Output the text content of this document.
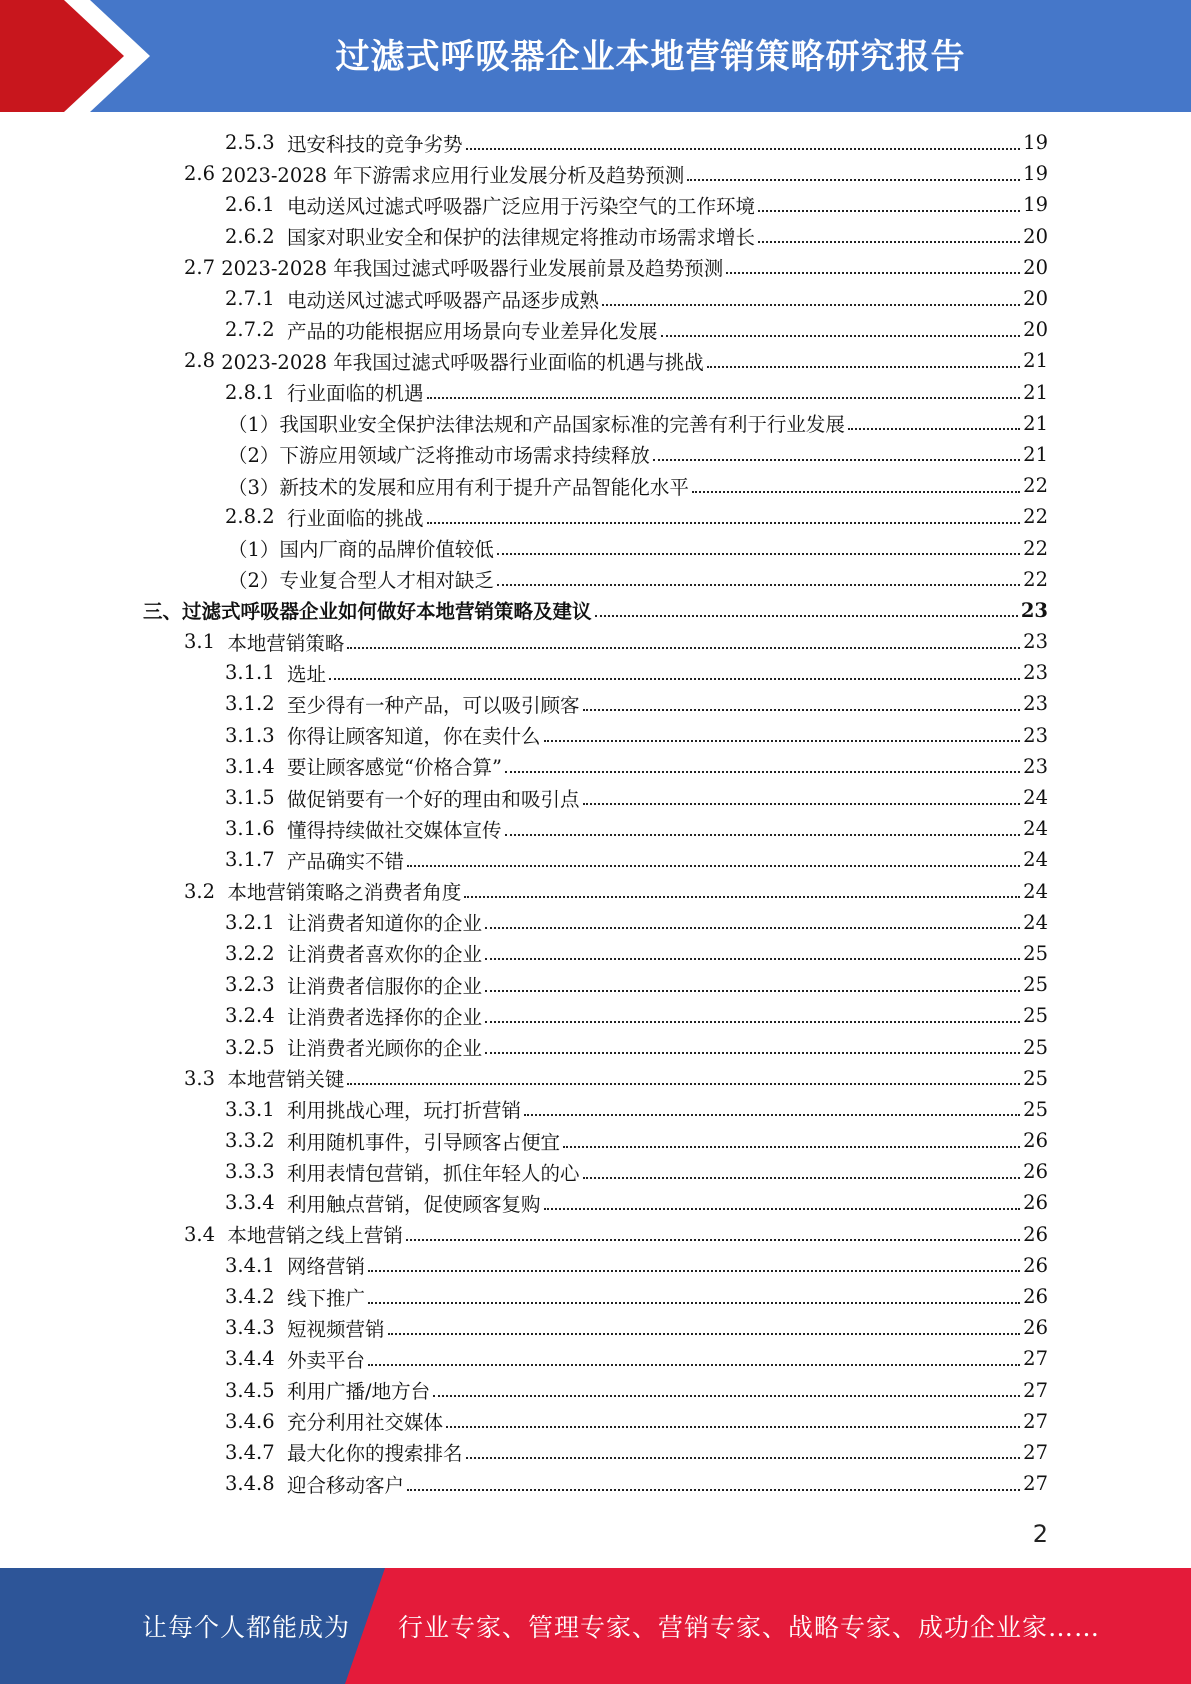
过滤式呼吸器企业本地营销策略研究报告
2.5.3 迅安科技的竞争劣势	19
2.6 2023-2028 年下游需求应用行业发展分析及趋势预测	19
2.6.1 电动送风过滤式呼吸器广泛应用于污染空气的工作环境	19
2.6.2 国家对职业安全和保护的法律规定将推动市场需求增长	20
2.7 2023-2028 年我国过滤式呼吸器行业发展前景及趋势预测	20
2.7.1 电动送风过滤式呼吸器产品逐步成熟	20
2.7.2 产品的功能根据应用场景向专业差异化发展	20
2.8 2023-2028 年我国过滤式呼吸器行业面临的机遇与挑战	21
2.8.1 行业面临的机遇	21
（1） 我国职业安全保护法律法规和产品国家标准的完善有利于行业发展	21
（2） 下游应用领域广泛将推动市场需求持续释放	21
（3） 新技术的发展和应用有利于提升产品智能化水平	22
2.8.2 行业面临的挑战	22
（1） 国内厂商的品牌价值较低	22
（2） 专业复合型人才相对缺乏	22
三、 过滤式呼吸器企业如何做好本地营销策略及建议	23
3.1 本地营销策略	23
3.1.1 选址	23
3.1.2 至少得有一种产品，可以吸引顾客	23
3.1.3 你得让顾客知道，你在卖什么	23
3.1.4 要让顾客感觉“价格合算”	23
3.1.5 做促销要有一个好的理由和吸引点	24
3.1.6 懂得持续做社交媒体宣传	24
3.1.7 产品确实不错	24
3.2 本地营销策略之消费者角度	24
3.2.1 让消费者知道你的企业	24
3.2.2 让消费者喜欢你的企业	25
3.2.3 让消费者信服你的企业	25
3.2.4 让消费者选择你的企业	25
3.2.5 让消费者光顾你的企业	25
3.3 本地营销关键	25
3.3.1 利用挑战心理，玩打折营销	25
3.3.2 利用随机事件，引导顾客占便宜	26
3.3.3 利用表情包营销，抓住年轻人的心	26
3.3.4 利用触点营销，促使顾客复购	26
3.4 本地营销之线上营销	26
3.4.1 网络营销	26
3.4.2 线下推广	26
3.4.3 短视频营销	26
3.4.4 外卖平台	27
3.4.5 利用广播/地方台	27
3.4.6 充分利用社交媒体	27
3.4.7 最大化你的搜索排名	27
3.4.8 迎合移动客户	27
2
让每个人都能成为 行业专家、管理专家、营销专家、战略专家、成功企业家……
